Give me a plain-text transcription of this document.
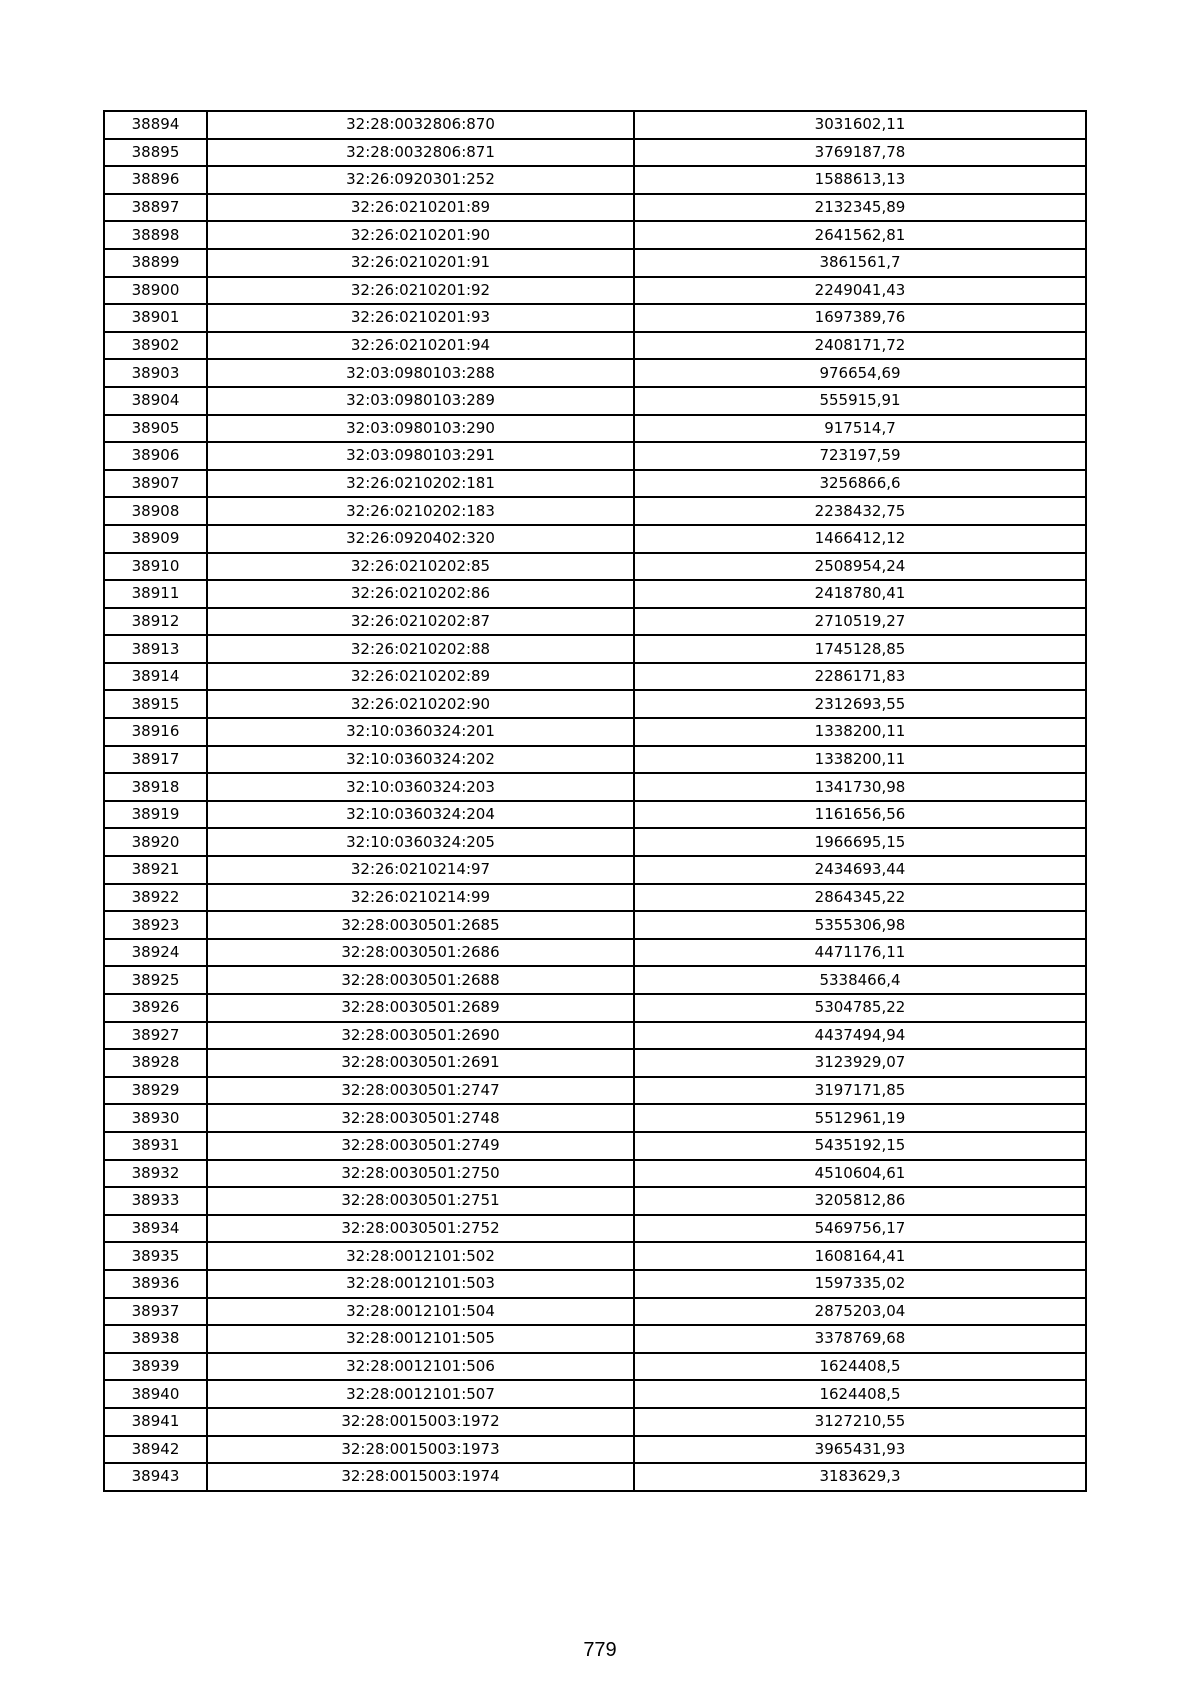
38894	32:28:0032806:870	3031602,11
38895	32:28:0032806:871	3769187,78
38896	32:26:0920301:252	1588613,13
38897	32:26:0210201:89	2132345,89
38898	32:26:0210201:90	2641562,81
38899	32:26:0210201:91	3861561,7
38900	32:26:0210201:92	2249041,43
38901	32:26:0210201:93	1697389,76
38902	32:26:0210201:94	2408171,72
38903	32:03:0980103:288	976654,69
38904	32:03:0980103:289	555915,91
38905	32:03:0980103:290	917514,7
38906	32:03:0980103:291	723197,59
38907	32:26:0210202:181	3256866,6
38908	32:26:0210202:183	2238432,75
38909	32:26:0920402:320	1466412,12
38910	32:26:0210202:85	2508954,24
38911	32:26:0210202:86	2418780,41
38912	32:26:0210202:87	2710519,27
38913	32:26:0210202:88	1745128,85
38914	32:26:0210202:89	2286171,83
38915	32:26:0210202:90	2312693,55
38916	32:10:0360324:201	1338200,11
38917	32:10:0360324:202	1338200,11
38918	32:10:0360324:203	1341730,98
38919	32:10:0360324:204	1161656,56
38920	32:10:0360324:205	1966695,15
38921	32:26:0210214:97	2434693,44
38922	32:26:0210214:99	2864345,22
38923	32:28:0030501:2685	5355306,98
38924	32:28:0030501:2686	4471176,11
38925	32:28:0030501:2688	5338466,4
38926	32:28:0030501:2689	5304785,22
38927	32:28:0030501:2690	4437494,94
38928	32:28:0030501:2691	3123929,07
38929	32:28:0030501:2747	3197171,85
38930	32:28:0030501:2748	5512961,19
38931	32:28:0030501:2749	5435192,15
38932	32:28:0030501:2750	4510604,61
38933	32:28:0030501:2751	3205812,86
38934	32:28:0030501:2752	5469756,17
38935	32:28:0012101:502	1608164,41
38936	32:28:0012101:503	1597335,02
38937	32:28:0012101:504	2875203,04
38938	32:28:0012101:505	3378769,68
38939	32:28:0012101:506	1624408,5
38940	32:28:0012101:507	1624408,5
38941	32:28:0015003:1972	3127210,55
38942	32:28:0015003:1973	3965431,93
38943	32:28:0015003:1974	3183629,3
779
